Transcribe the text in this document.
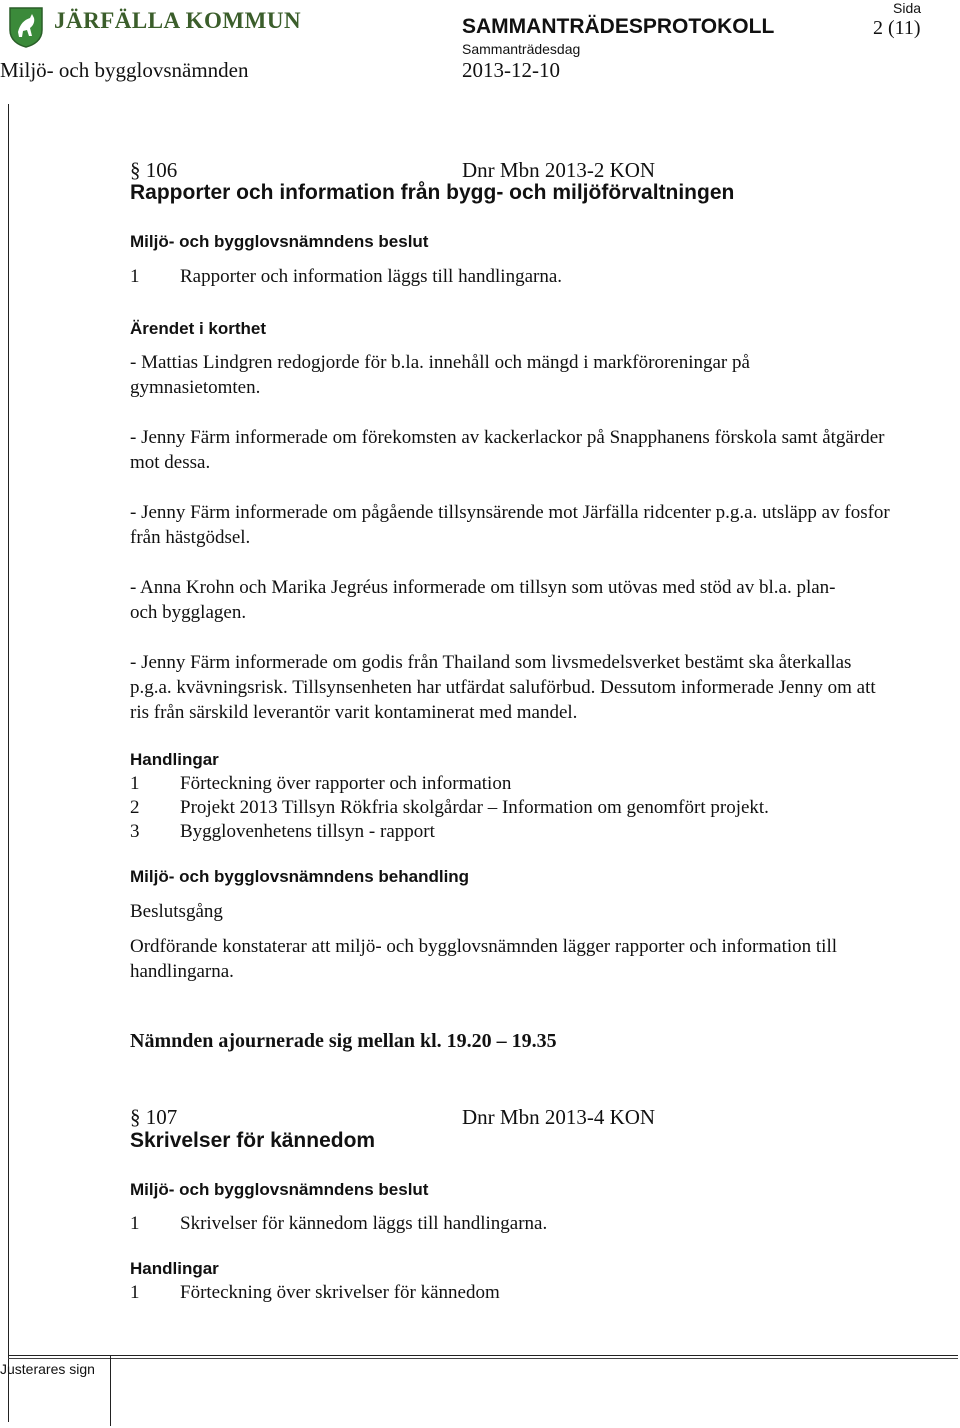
JÄRFÄLLA KOMMUN	SAMMANTRÄDESPROTOKOLL
Sida
2 (11)
Miljö- och bygglovsnämnden
Sammanträdesdag
2013-12-10
§ 106	Dnr Mbn 2013-2 KON
Rapporter och information från bygg- och miljöförvaltningen
Miljö- och bygglovsnämndens beslut
1 Rapporter och information läggs till handlingarna.
Ärendet i korthet
- Mattias Lindgren redogjorde för b.la. innehåll och mängd i markföroreningar på gymnasietomten.
- Jenny Färm informerade om förekomsten av kackerlackor på Snapphanens förskola samt åtgärder mot dessa.
- Jenny Färm informerade om pågående tillsynsärende mot Järfälla ridcenter p.g.a. utsläpp av fosfor från hästgödsel.
- Anna Krohn och Marika Jegréus informerade om tillsyn som utövas med stöd av bl.a. plan- och bygglagen.
- Jenny Färm informerade om godis från Thailand som livsmedelsverket bestämt ska återkallas p.g.a. kvävningsrisk. Tillsynsenheten har utfärdat saluförbud. Dessutom informerade Jenny om att ris från särskild leverantör varit kontaminerat med mandel.
Handlingar
1 Förteckning över rapporter och information
2 Projekt 2013 Tillsyn Rökfria skolgårdar – Information om genomfört projekt.
3 Bygglovenhetens tillsyn - rapport
Miljö- och bygglovsnämndens behandling
Beslutsgång
Ordförande konstaterar att miljö- och bygglovsnämnden lägger rapporter och information till handlingarna.
Nämnden ajournerade sig mellan kl. 19.20 – 19.35
§ 107	Dnr Mbn 2013-4 KON
Skrivelser för kännedom
Miljö- och bygglovsnämndens beslut
1 Skrivelser för kännedom läggs till handlingarna.
Handlingar
1 Förteckning över skrivelser för kännedom
Justerares sign
